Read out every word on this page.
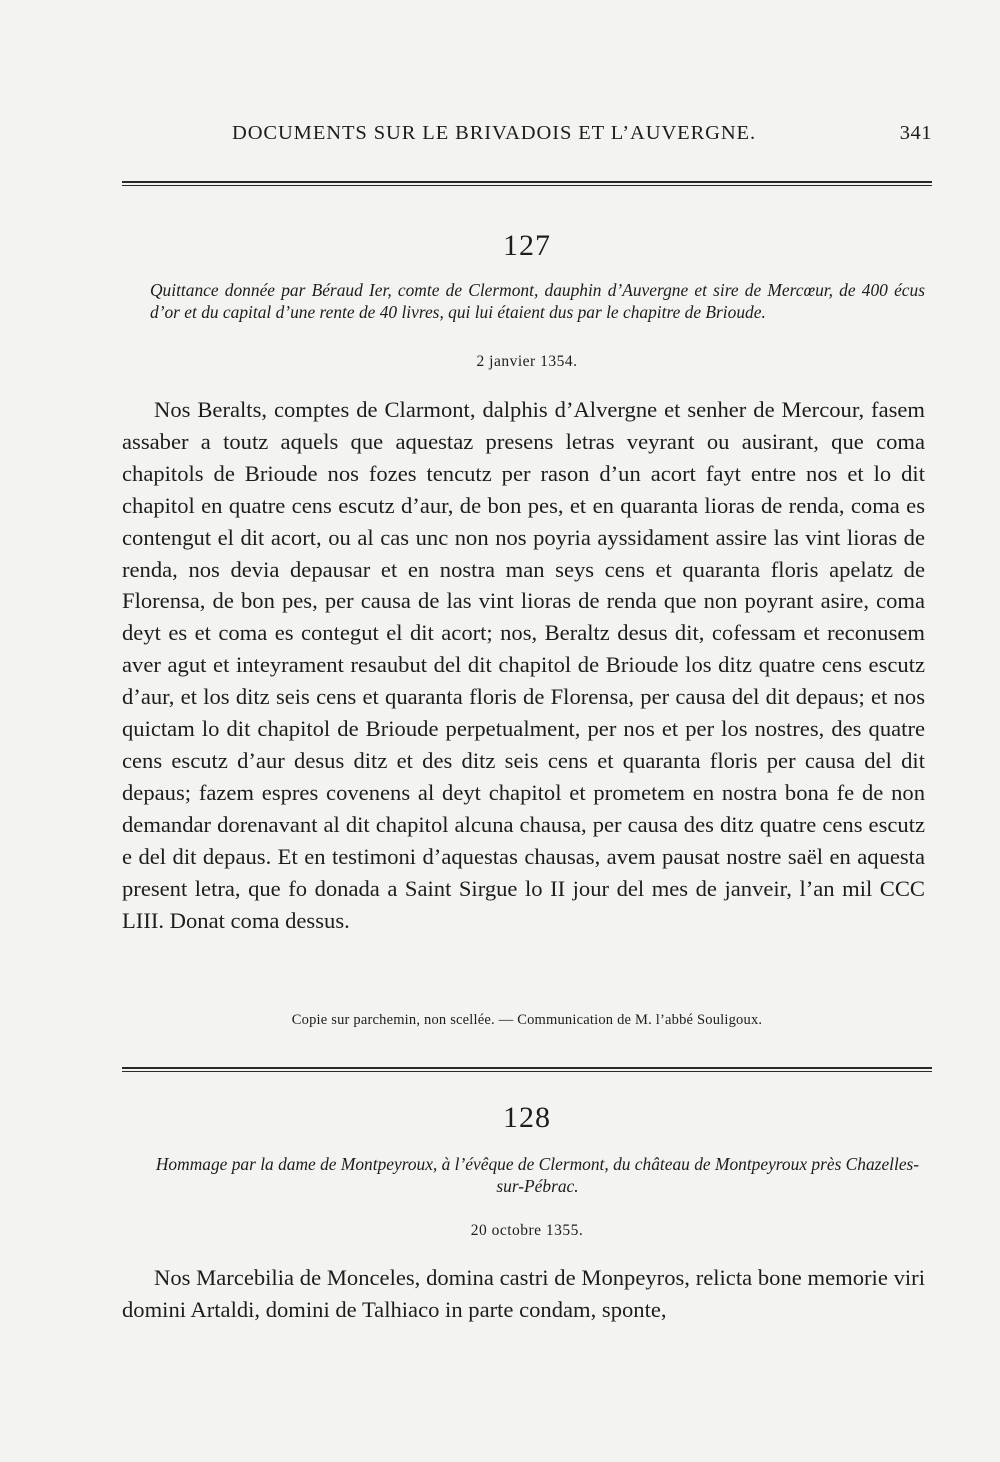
DOCUMENTS SUR LE BRIVADOIS ET L’AUVERGNE.	341
127
Quittance donnée par Béraud Ier, comte de Clermont, dauphin d’Auvergne et sire de Mercœur, de 400 écus d’or et du capital d’une rente de 40 livres, qui lui étaient dus par le chapitre de Brioude.
2 janvier 1354.
Nos Beralts, comptes de Clarmont, dalphis d’Alvergne et senher de Mercour, fasem assaber a toutz aquels que aquestaz presens letras veyrant ou ausirant, que coma chapitols de Brioude nos fozes tencutz per rason d’un acort fayt entre nos et lo dit chapitol en quatre cens escutz d’aur, de bon pes, et en quaranta lioras de renda, coma es contengut el dit acort, ou al cas unc non nos poyria ayssidament assire las vint lioras de renda, nos devia depausar et en nostra man seys cens et quaranta floris apelatz de Florensa, de bon pes, per causa de las vint lioras de renda que non poyrant asire, coma deyt es et coma es contegut el dit acort; nos, Beraltz desus dit, cofessam et reconusem aver agut et inteyrament resaubut del dit chapitol de Brioude los ditz quatre cens escutz d’aur, et los ditz seis cens et quaranta floris de Florensa, per causa del dit depaus; et nos quictam lo dit chapitol de Brioude perpetualment, per nos et per los nostres, des quatre cens escutz d’aur desus ditz et des ditz seis cens et quaranta floris per causa del dit depaus; fazem espres covenens al deyt chapitol et prometem en nostra bona fe de non demandar dorenavant al dit chapitol alcuna chausa, per causa des ditz quatre cens escutz e del dit depaus. Et en testimoni d’aquestas chausas, avem pausat nostre saël en aquesta present letra, que fo donada a Saint Sirgue lo II jour del mes de janveir, l’an mil CCC LIII. Donat coma dessus.
Copie sur parchemin, non scellée. — Communication de M. l’abbé Souligoux.
128
Hommage par la dame de Montpeyroux, à l’évêque de Clermont, du château de Montpeyroux près Chazelles-sur-Pébrac.
20 octobre 1355.
Nos Marcebilia de Monceles, domina castri de Monpeyros, relicta bone memorie viri domini Artaldi, domini de Talhiaco in parte condam, sponte,
